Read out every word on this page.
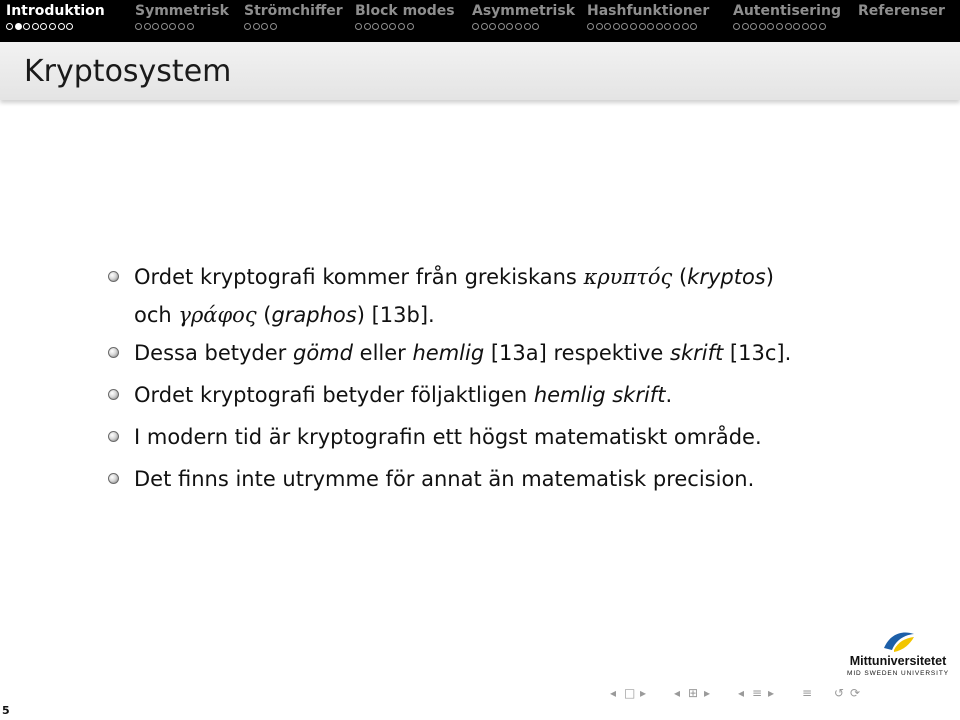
Introduktion Symmetrisk Strömchiffer Block modes Asymmetrisk Hashfunktioner Autentisering Referenser
Kryptosystem
Ordet kryptografi kommer från grekiskans κρυπτός (kryptos)
och γράφος (graphos) [13b].
Dessa betyder gömd eller hemlig [13a] respektive skrift [13c].
Ordet kryptografi betyder följaktligen hemlig skrift.
I modern tid är kryptografin ett högst matematiskt område.
Det finns inte utrymme för annat än matematisk precision.
5
Mittuniversitetet
MID SWEDEN UNIVERSITY
◂ □ ▸ ◂ ⊞ ▸ ◂ ≡ ▸ ≡ ↺ ⟳
